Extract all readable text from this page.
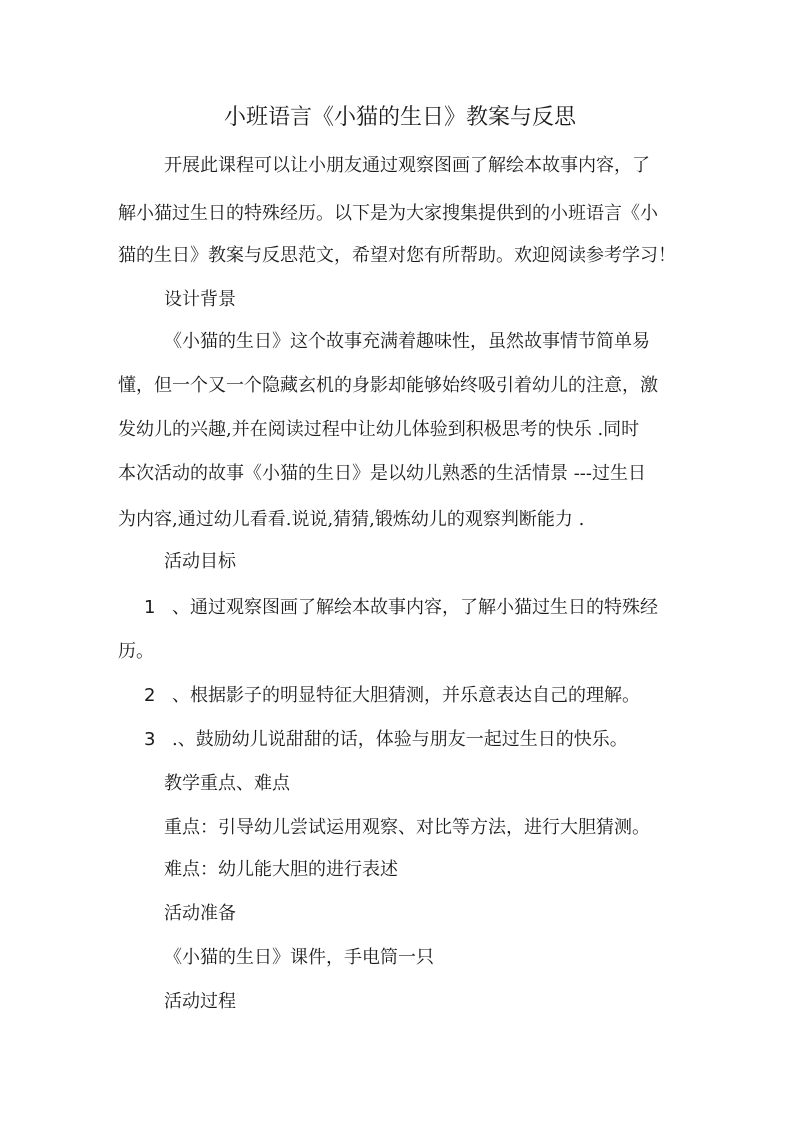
小班语言《小猫的生日》教案与反思
开展此课程可以让小朋友通过观察图画了解绘本故事内容，了
解小猫过生日的特殊经历。以下是为大家搜集提供到的小班语言《小
猫的生日》教案与反思范文，希望对您有所帮助。欢迎阅读参考学习！
设计背景
《小猫的生日》这个故事充满着趣味性，虽然故事情节简单易
懂，但一个又一个隐藏玄机的身影却能够始终吸引着幼儿的注意，激
发幼儿的兴趣,并在阅读过程中让幼儿体验到积极思考的快乐 .同时
本次活动的故事《小猫的生日》是以幼儿熟悉的生活情景 ---过生日
为内容,通过幼儿看看.说说,猜猜,锻炼幼儿的观察判断能力 .
活动目标
1 、通过观察图画了解绘本故事内容，了解小猫过生日的特殊经
历。
2 、根据影子的明显特征大胆猜测，并乐意表达自己的理解。
3 .、鼓励幼儿说甜甜的话，体验与朋友一起过生日的快乐。
教学重点、难点
重点：引导幼儿尝试运用观察、对比等方法，进行大胆猜测。
难点：幼儿能大胆的进行表述
活动准备
《小猫的生日》课件，手电筒一只
活动过程
